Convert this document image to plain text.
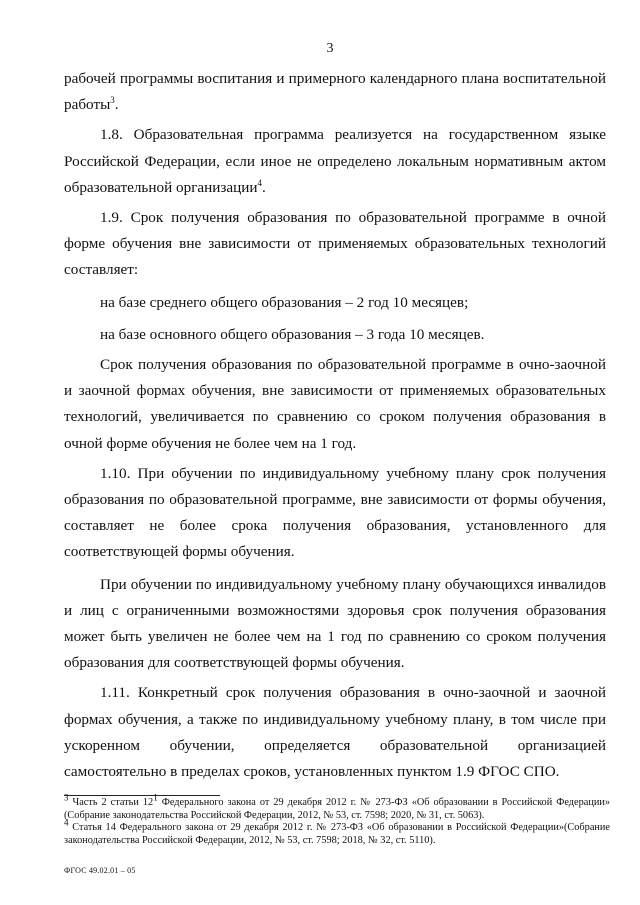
3

рабочей программы воспитания и примерного календарного плана воспитательной работы$^3$.

1.8. Образовательная программа реализуется на государственном языке Российской Федерации, если иное не определено локальным нормативным актом образовательной организации$^4$.

1.9. Срок получения образования по образовательной программе в очной форме обучения вне зависимости от применяемых образовательных технологий составляет:

на базе среднего общего образования – 2 год 10 месяцев;

на базе основного общего образования – 3 года 10 месяцев.

Срок получения образования по образовательной программе в очно-заочной и заочной формах обучения, вне зависимости от применяемых образовательных технологий, увеличивается по сравнению со сроком получения образования в очной форме обучения не более чем на 1 год.

1.10. При обучении по индивидуальному учебному плану срок получения образования по образовательной программе, вне зависимости от формы обучения, составляет не более срока получения образования, установленного для соответствующей формы обучения.

При обучении по индивидуальному учебному плану обучающихся инвалидов и лиц с ограниченными возможностями здоровья срок получения образования может быть увеличен не более чем на 1 год по сравнению со сроком получения образования для соответствующей формы обучения.

1.11. Конкретный срок получения образования в очно-заочной и заочной формах обучения, а также по индивидуальному учебному плану, в том числе при ускоренном обучении, определяется образовательной организацией самостоятельно в пределах сроков, установленных пунктом 1.9 ФГОС СПО.

$^3$ Часть 2 статьи $12^1$ Федерального закона от 29 декабря 2012 г. № 273-ФЗ «Об образовании в Российской Федерации» (Собрание законодательства Российской Федерации, 2012, № 53, ст. 7598; 2020, № 31, ст. 5063).

$^4$ Статья 14 Федерального закона от 29 декабря 2012 г. № 273-ФЗ «Об образовании в Российской Федерации»(Собрание законодательства Российской Федерации, 2012, № 53, ст. 7598; 2018, № 32, ст. 5110).

ФГОС 49.02.01 – 05
